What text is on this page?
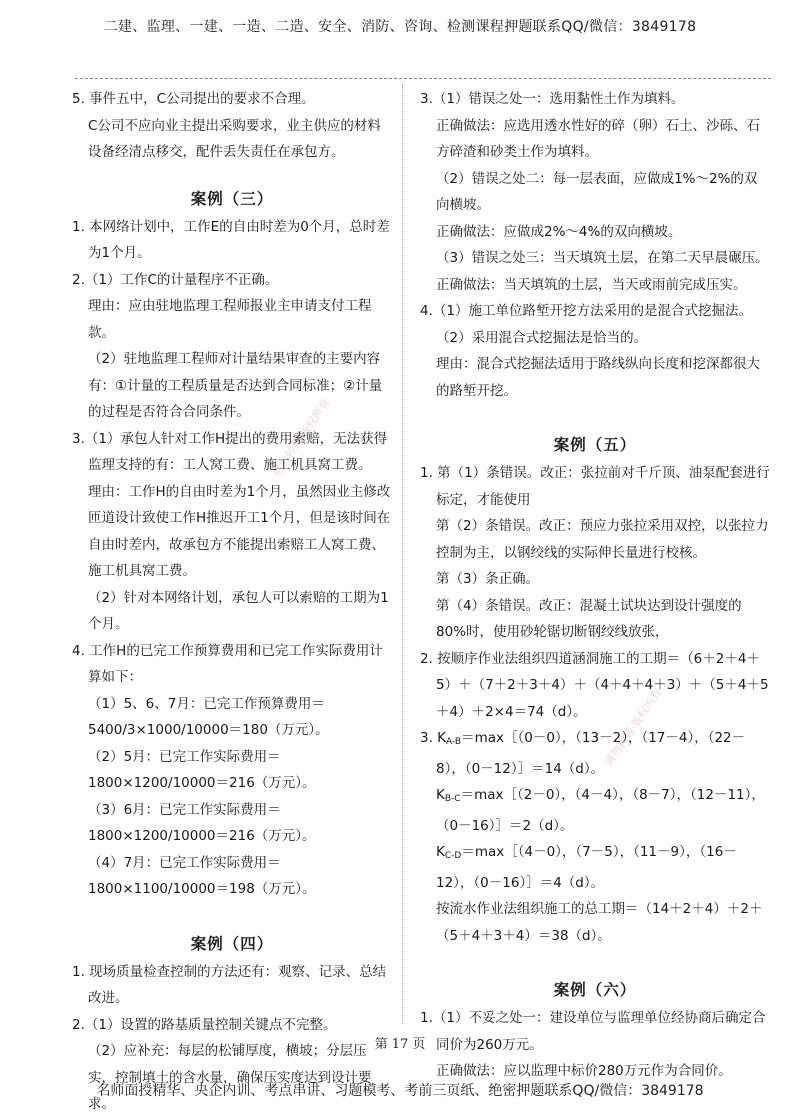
二建、监理、一建、一造、二造、安全、消防、咨询、检测课程押题联系QQ/微信：3849178
请勿转载·版权所有
请勿转载·版权所有

5. 事件五中，C公司提出的要求不合理。

C公司不应向业主提出采购要求，业主供应的材料设备经清点移交，配件丢失责任在承包方。

案例（三）

1. 本网络计划中，工作E的自由时差为0个月，总时差为1个月。

2.（1）工作C的计量程序不正确。

理由：应由驻地监理工程师报业主申请支付工程款。

（2）驻地监理工程师对计量结果审查的主要内容有：①计量的工程质量是否达到合同标准；②计量的过程是否符合合同条件。

3.（1）承包人针对工作H提出的费用索赔，无法获得监理支持的有：工人窝工费、施工机具窝工费。

理由：工作H的自由时差为1个月，虽然因业主修改匝道设计致使工作H推迟开工1个月，但是该时间在自由时差内，故承包方不能提出索赔工人窝工费、施工机具窝工费。

（2）针对本网络计划，承包人可以索赔的工期为1个月。

4. 工作H的已完工作预算费用和已完工作实际费用计算如下：

（1）5、6、7月：已完工作预算费用＝5400/3×1000/10000＝180（万元）。

（2）5月：已完工作实际费用＝1800×1200/10000＝216（万元）。

（3）6月：已完工作实际费用＝1800×1200/10000＝216（万元）。

（4）7月：已完工作实际费用＝1800×1100/10000＝198（万元）。

案例（四）

1. 现场质量检查控制的方法还有：观察、记录、总结改进。

2.（1）设置的路基质量控制关键点不完整。

（2）应补充：每层的松铺厚度，横坡；分层压实，控制填土的含水量，确保压实度达到设计要求。

3.（1）错误之处一：选用黏性土作为填料。

正确做法：应选用透水性好的碎（卵）石土、沙砾、石方碎渣和砂类土作为填料。

（2）错误之处二：每一层表面，应做成1%～2%的双向横坡。

正确做法：应做成2%～4%的双向横坡。

（3）错误之处三：当天填筑土层，在第二天早晨碾压。

正确做法：当天填筑的土层，当天或雨前完成压实。

4.（1）施工单位路堑开挖方法采用的是混合式挖掘法。

（2）采用混合式挖掘法是恰当的。

理由：混合式挖掘法适用于路线纵向长度和挖深都很大的路堑开挖。

案例（五）

1. 第（1）条错误。改正：张拉前对千斤顶、油泵配套进行标定，才能使用

第（2）条错误。改正：预应力张拉采用双控，以张拉力控制为主，以钢绞线的实际伸长量进行校核。

第（3）条正确。

第（4）条错误。改正：混凝土试块达到设计强度的80%时，使用砂轮锯切断钢绞线放张，

2. 按顺序作业法组织四道涵洞施工的工期＝（6＋2＋4＋5）＋（7＋2＋3＋4）＋（4＋4＋4＋3）＋（5＋4＋5＋4）＋2×4＝74（d）。

3. $K_{A-B}=\max[(0-0)$，（13－2），（17－4），（22－8），（0－12）］＝14（d）。

$K_{B-C}=\max[(2-0)$，（4－4），（8－7），（12－11），（0－16）］＝2（d）。

$K_{C-D}=\max[(4-0)$，（7－5），（11－9），（16－12），（0－16）］＝4（d）。

按流水作业法组织施工的总工期＝（14＋2＋4）＋2＋（5＋4＋3＋4）＝38（d）。

案例（六）

1.（1）不妥之处一：建设单位与监理单位经协商后确定合同价为260万元。

正确做法：应以监理中标价280万元作为合同价。

第 17 页
名师面授精华、央企内训、考点串讲、习题模考、考前三页纸、绝密押题联系QQ/微信：3849178
